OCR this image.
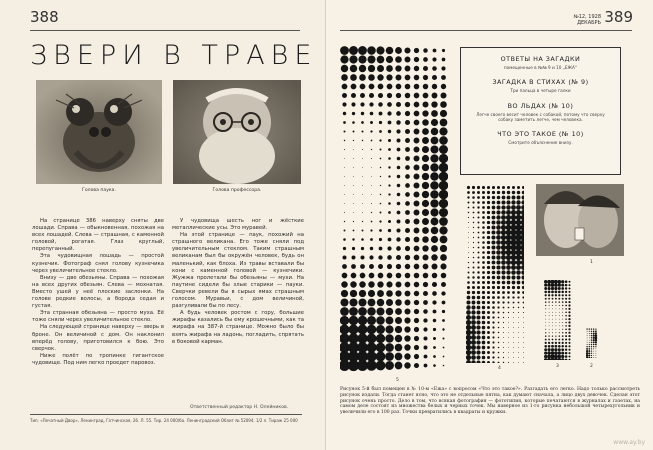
388
ЗВЕРИ В ТРАВЕ
Голова паука.	Голова профессора.

На странице 386 наверху сняты две лошади. Справа — обыкновенная, похожая на всех лошадей. Слева — страшная, с каменной головой, рогатая. Глаз круглый, перепуганный.

Эта чудовищная лошадь — простой кузнечик. Фотограф снял голову кузнечика через увеличительное стекло.

Внизу — две обезьяны. Справа — похожая на всех других обезьян. Слева — мохнатая. Вместо ушей у неё плоские заслонки. На голове редкие волосы, а борода седая и густая.

Эта странная обезьяна — просто муха. Её тоже сняли через увеличительное стекло.

На следующей странице наверху — зверь в броне. Он величиной с дом. Он наклонил вперёд голову, приготовился к бою. Это сверчок.

Ниже полёт по тропинке гигантское чудовище. Под ним легко проедет паровоз.

У чудовища шесть ног и жёсткие металлические усы. Это муравей.

На этой странице — паук, похожий на страшного великана. Его тоже сняли под увеличительным стеклом. Таким страшным великанам был бы окружён человек, будь он маленький, как блоха. Из травы вставали бы кони с каменной головой — кузнечики. Жужжа пролетали бы обезьяны — мухи. На паутине сидели бы злые старики — пауки. Сверчки ревели бы в сырых ямах страшным голосом. Муравьи, с дом величиной, разгуливали бы по лесу.

А будь человек ростом с гору, большие жирафы казались бы ему крошечными, как та жирафа на 387-й странице. Можно было бы взять жирафа на ладонь, погладить, спрятать в боковой карман.

Ответственный редактор Н. Олейников.
Тип. «Печатный Двор», Ленинград, Гатчинская, 26. Л. 55. Тир. 24 000/ба. Ленинградский Облит № 52094. 1/2 л. Тираж 25 000
№12, 1928
ДЕКАБРЬ 389
5
ОТВЕТЫ НА ЗАГАДКИ
помещенные в №№ 9 и 10 „ЕЖА“
ЗАГАДКА В СТИХАХ (№ 9)
Три пальца в четыре галки
ВО ЛЬДАХ (№ 10)
Легче своего весит человек с собакой, потому что сверху собаку заметить легче, чем человека.
ЧТО ЭТО ТАКОЕ (№ 10)
Смотрите объяснение внизу.
4
1
3	2
Рисунок 5-й был помещен в № 10-м «Ежа» с вопросом «Что это такое?». Разгадать его легко. Надо только рассмотреть рисунок издали. Тогда станет ясно, что это не отдельные пятна, как думают сначала, а лицо двух девочек. Сделан этот рисунок очень просто. Дело в том, что всякая фотография — фототипия, которые печатаются в журналах и газетах, на самом деле состоят из множества белых и черных точек. Мы наверное из 1-го рисунка небольшой четырехугольник и увеличили его в 100 раз. Точки превратились в квадраты и кружки.
www.ay.by
